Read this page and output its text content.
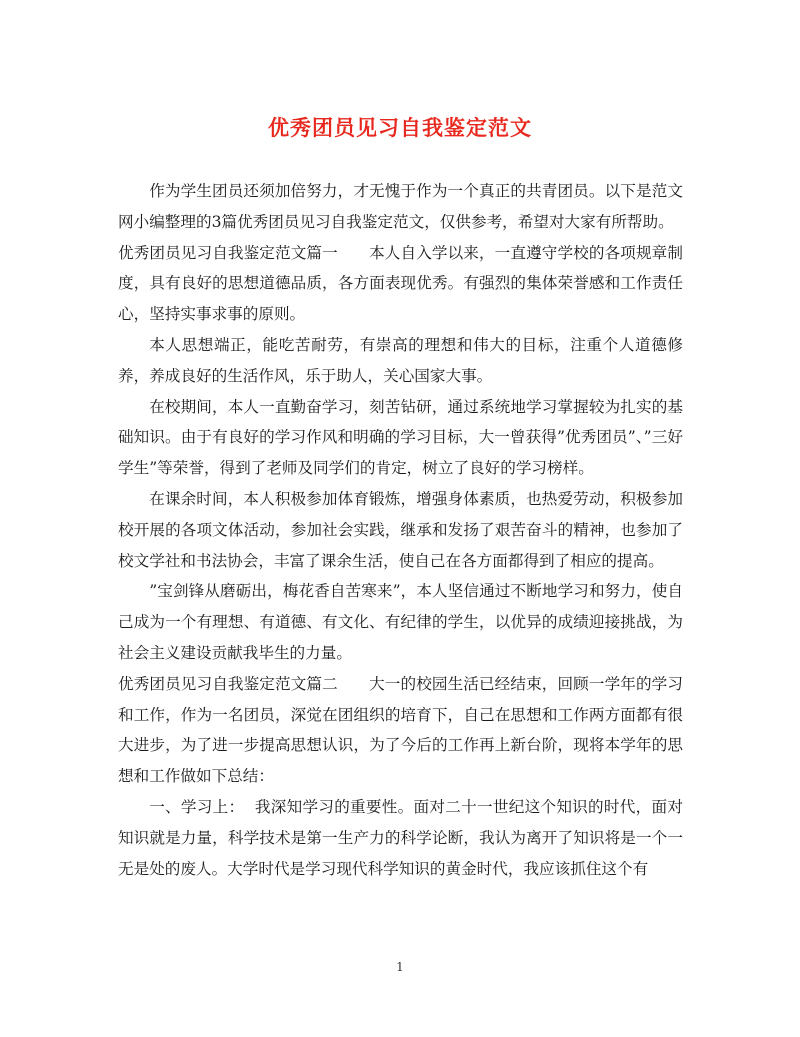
优秀团员见习自我鉴定范文

作为学生团员还须加倍努力，才无愧于作为一个真正的共青团员。以下是范文网小编整理的3篇优秀团员见习自我鉴定范文，仅供参考，希望对大家有所帮助。

优秀团员见习自我鉴定范文篇一 本人自入学以来，一直遵守学校的各项规章制度，具有良好的思想道德品质，各方面表现优秀。有强烈的集体荣誉感和工作责任心，坚持实事求事的原则。

本人思想端正，能吃苦耐劳，有崇高的理想和伟大的目标，注重个人道德修养，养成良好的生活作风，乐于助人，关心国家大事。

在校期间，本人一直勤奋学习，刻苦钻研，通过系统地学习掌握较为扎实的基础知识。由于有良好的学习作风和明确的学习目标，大一曾获得”优秀团员”、”三好学生”等荣誉，得到了老师及同学们的肯定，树立了良好的学习榜样。

在课余时间，本人积极参加体育锻炼，增强身体素质，也热爱劳动，积极参加校开展的各项文体活动，参加社会实践，继承和发扬了艰苦奋斗的精神，也参加了校文学社和书法协会，丰富了课余生活，使自己在各方面都得到了相应的提高。

”宝剑锋从磨砺出，梅花香自苦寒来”，本人坚信通过不断地学习和努力，使自己成为一个有理想、有道德、有文化、有纪律的学生，以优异的成绩迎接挑战，为社会主义建设贡献我毕生的力量。

优秀团员见习自我鉴定范文篇二 大一的校园生活已经结束，回顾一学年的学习和工作，作为一名团员，深觉在团组织的培育下，自己在思想和工作两方面都有很大进步，为了进一步提高思想认识，为了今后的工作再上新台阶，现将本学年的思想和工作做如下总结：

一、学习上： 我深知学习的重要性。面对二十一世纪这个知识的时代，面对知识就是力量，科学技术是第一生产力的科学论断，我认为离开了知识将是一个一无是处的废人。大学时代是学习现代科学知识的黄金时代，我应该抓住这个有

1
